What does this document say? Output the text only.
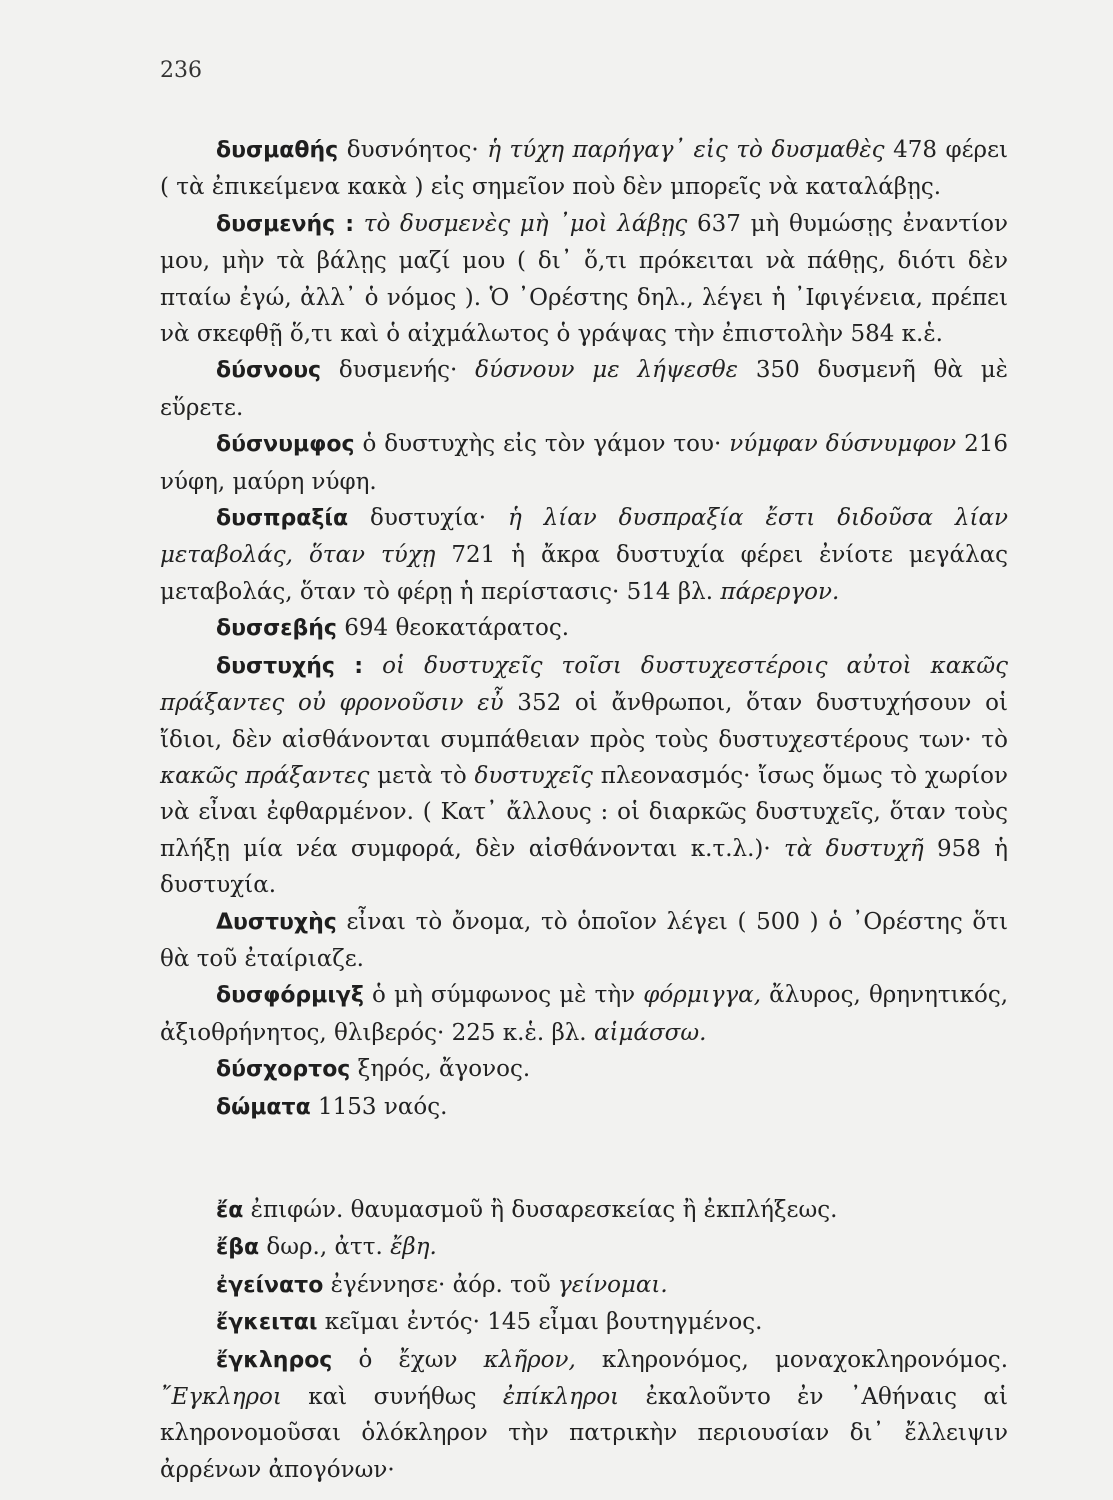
236

δυσμαθής δυσνόητος· ἡ τύχη παρήγαγ᾽ εἰς τὸ δυσμαθὲς 478 φέρει ( τὰ ἐπικείμενα κακὰ ) εἰς σημεῖον ποὺ δὲν μπορεῖς νὰ καταλάβῃς.

δυσμενής : τὸ δυσμενὲς μὴ ᾽μοὶ λάβῃς 637 μὴ θυμώσῃς ἐναντίον μου, μὴν τὰ βάλῃς μαζί μου ( δι᾽ ὅ,τι πρόκειται νὰ πάθῃς, διότι δὲν πταίω ἐγώ, ἀλλ᾽ ὁ νόμος ). Ὁ ᾽Ορέστης δηλ., λέγει ἡ ᾽Ιφιγένεια, πρέπει νὰ σκεφθῇ ὅ,τι καὶ ὁ αἰχμάλωτος ὁ γράψας τὴν ἐπιστολὴν 584 κ.ἑ.

δύσνους δυσμενής· δύσνουν με λήψεσθε 350 δυσμενῆ θὰ μὲ εὕρετε.

δύσνυμφος ὁ δυστυχὴς εἰς τὸν γάμον του· νύμφαν δύσνυμφον 216 νύφη, μαύρη νύφη.

δυσπραξία δυστυχία· ἡ λίαν δυσπραξία ἔστι διδοῦσα λίαν μεταβολάς, ὅταν τύχῃ 721 ἡ ἄκρα δυστυχία φέρει ἐνίοτε μεγάλας μεταβολάς, ὅταν τὸ φέρῃ ἡ περίστασις· 514 βλ. πάρεργον.

δυσσεβής 694 θεοκατάρατος.

δυστυχής : οἱ δυστυχεῖς τοῖσι δυστυχεστέροις αὐτοὶ κακῶς πράξαντες οὐ φρονοῦσιν εὖ 352 οἱ ἄνθρωποι, ὅταν δυστυχήσουν οἱ ἴδιοι, δὲν αἰσθάνονται συμπάθειαν πρὸς τοὺς δυστυχεστέρους των· τὸ κακῶς πράξαντες μετὰ τὸ δυστυχεῖς πλεονασμός· ἴσως ὅμως τὸ χωρίον νὰ εἶναι ἐφθαρμένον. ( Κατ᾽ ἄλλους : οἱ διαρκῶς δυστυχεῖς, ὅταν τοὺς πλήξῃ μία νέα συμφορά, δὲν αἰσθάνονται κ.τ.λ.)· τὰ δυστυχῆ 958 ἡ δυστυχία.

Δυστυχὴς εἶναι τὸ ὄνομα, τὸ ὁποῖον λέγει ( 500 ) ὁ ᾽Ορέστης ὅτι θὰ τοῦ ἐταίριαζε.

δυσφόρμιγξ ὁ μὴ σύμφωνος μὲ τὴν φόρμιγγα, ἄλυρος, θρηνητικός, ἀξιοθρήνητος, θλιβερός· 225 κ.ἑ. βλ. αἱμάσσω.

δύσχορτος ξηρός, ἄγονος.

δώματα 1153 ναός.

ἔα ἐπιφών. θαυμασμοῦ ἢ δυσαρεσκείας ἢ ἐκπλήξεως.

ἔβα δωρ., ἀττ. ἔβη.

ἐγείνατο ἐγέννησε· ἀόρ. τοῦ γείνομαι.

ἔγκειται κεῖμαι ἐντός· 145 εἶμαι βουτηγμένος.

ἔγκληρος ὁ ἔχων κλῆρον, κληρονόμος, μοναχοκληρονόμος. ῎Εγκληροι καὶ συνήθως ἐπίκληροι ἐκαλοῦντο ἐν ᾽Αθήναις αἱ κληρονομοῦσαι ὁλόκληρον τὴν πατρικὴν περιουσίαν δι᾽ ἔλλειψιν ἀρρένων ἀπογόνων·
